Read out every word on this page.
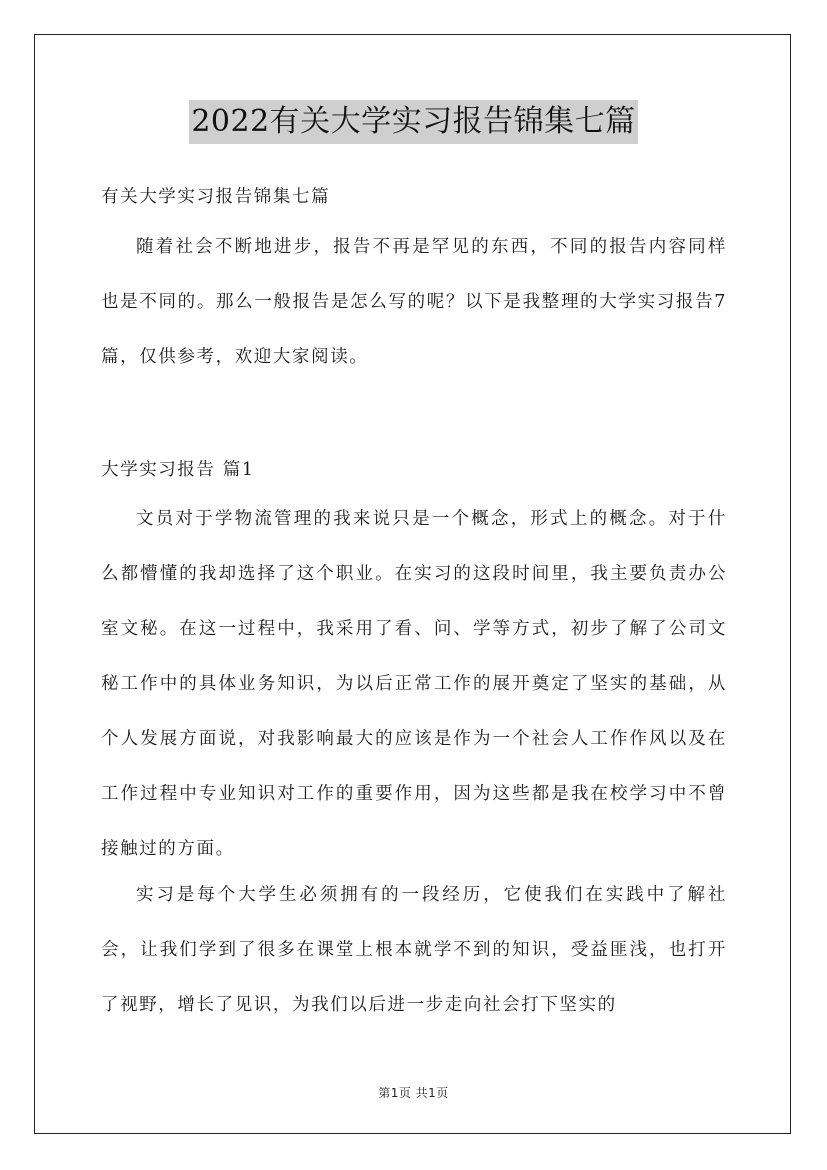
2022有关大学实习报告锦集七篇

有关大学实习报告锦集七篇

随着社会不断地进步，报告不再是罕见的东西，不同的报告内容同样也是不同的。那么一般报告是怎么写的呢？以下是我整理的大学实习报告7篇，仅供参考，欢迎大家阅读。

大学实习报告 篇1

文员对于学物流管理的我来说只是一个概念，形式上的概念。对于什么都懵懂的我却选择了这个职业。在实习的这段时间里，我主要负责办公室文秘。在这一过程中，我采用了看、问、学等方式，初步了解了公司文秘工作中的具体业务知识，为以后正常工作的展开奠定了坚实的基础，从个人发展方面说，对我影响最大的应该是作为一个社会人工作作风以及在工作过程中专业知识对工作的重要作用，因为这些都是我在校学习中不曾接触过的方面。

实习是每个大学生必须拥有的一段经历，它使我们在实践中了解社会，让我们学到了很多在课堂上根本就学不到的知识，受益匪浅，也打开了视野，增长了见识，为我们以后进一步走向社会打下坚实的

第1页 共1页
